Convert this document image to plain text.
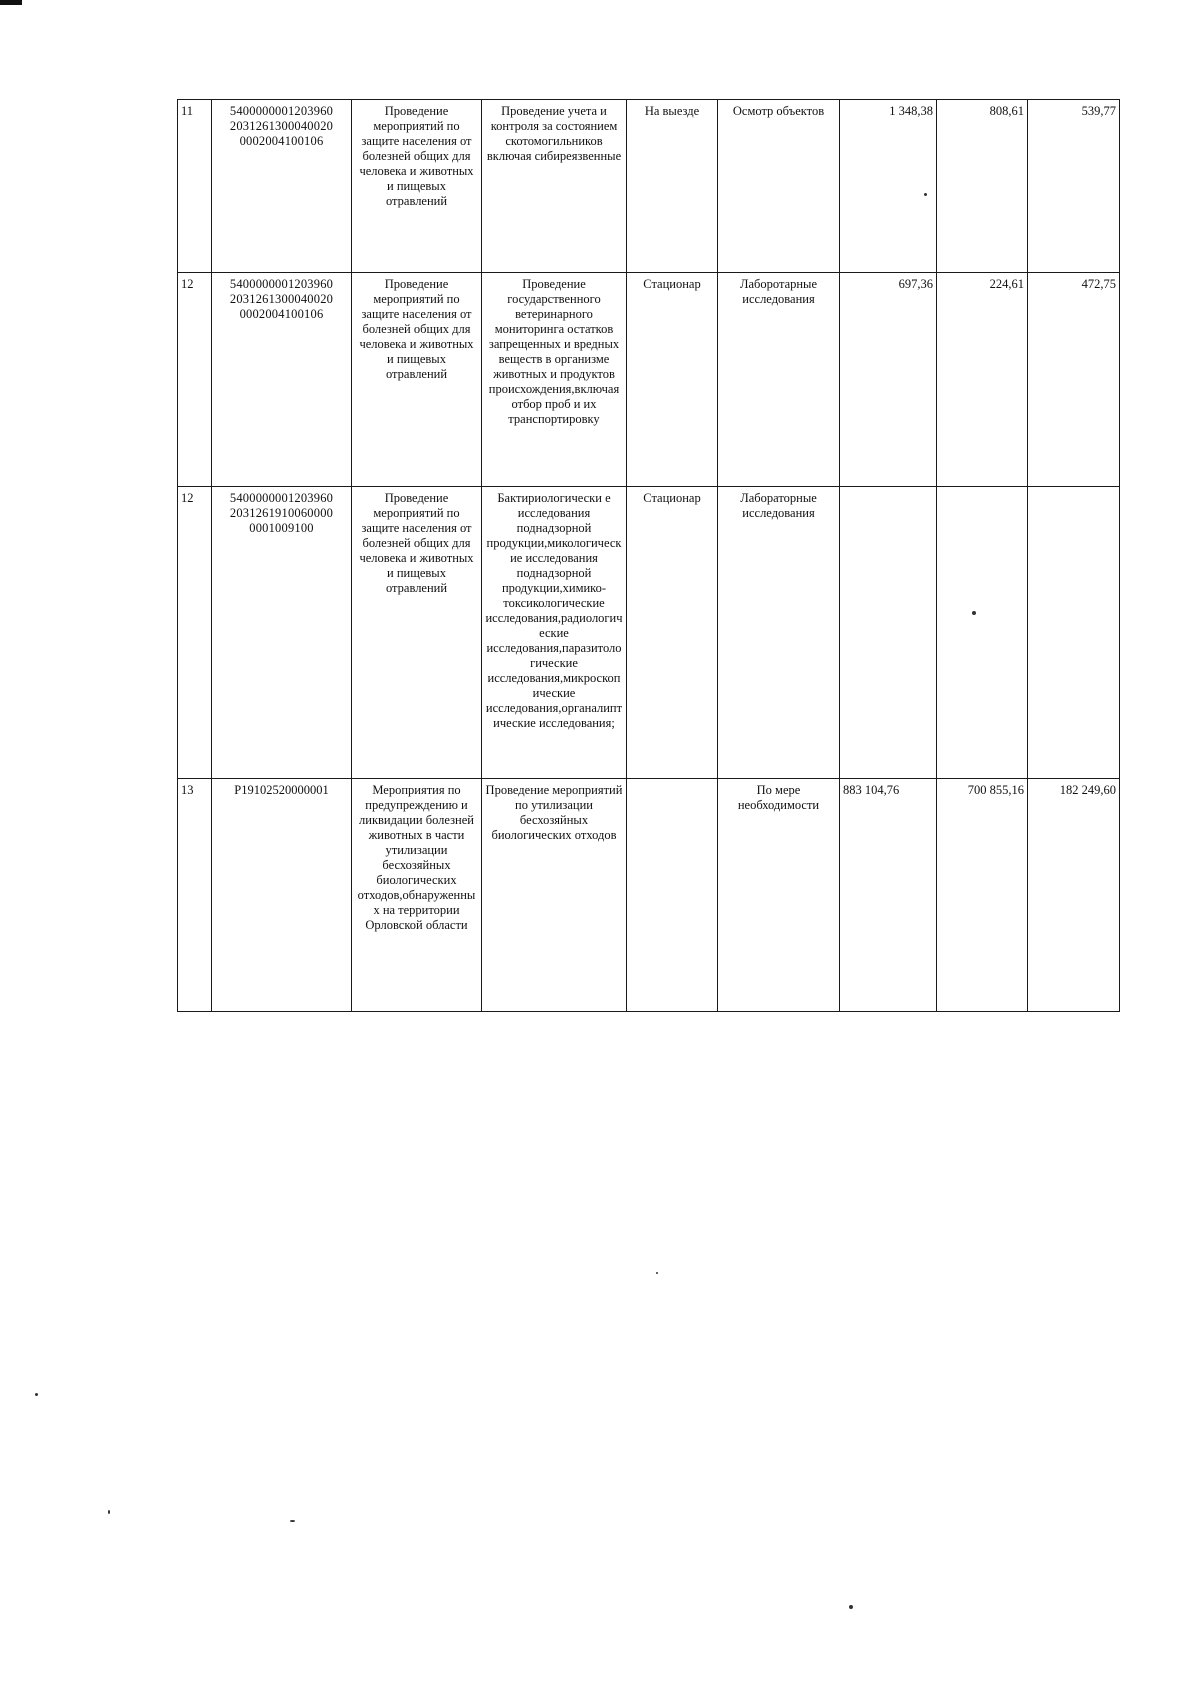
11	5400000001203960 2031261300040020 0002004100106	Проведение мероприятий по защите населения от болезней общих для человека и животных и пищевых отравлений	Проведение учета и контроля за состоянием скотомогильников включая сибиреязвенные	На выезде	Осмотр объектов	1 348,38	808,61	539,77
12	5400000001203960 2031261300040020 0002004100106	Проведение мероприятий по защите населения от болезней общих для человека и животных и пищевых отравлений	Проведение государственного ветеринарного мониторинга остатков запрещенных и вредных веществ в организме животных и продуктов происхождения,включая отбор проб и их транспортировку	Стационар	Лаборотарные исследования	697,36	224,61	472,75
12	5400000001203960 2031261910060000 0001009100	Проведение мероприятий по защите населения от болезней общих для человека и животных и пищевых отравлений	Бактириологически е исследования поднадзорной продукции,микологические исследования поднадзорной продукции,химико-токсикологические исследования,радиологические исследования,паразитологические исследования,микроскопические исследования,органалиптические исследования;	Стационар	Лабораторные исследования			
13	Р19102520000001	Мероприятия по предупреждению и ликвидации болезней животных в части утилизации бесхозяйных биологических отходов,обнаруженных на территории Орловской области	Проведение мероприятий по утилизации бесхозяйных биологических отходов		По мере необходимости	883 104,76	700 855,16	182 249,60
